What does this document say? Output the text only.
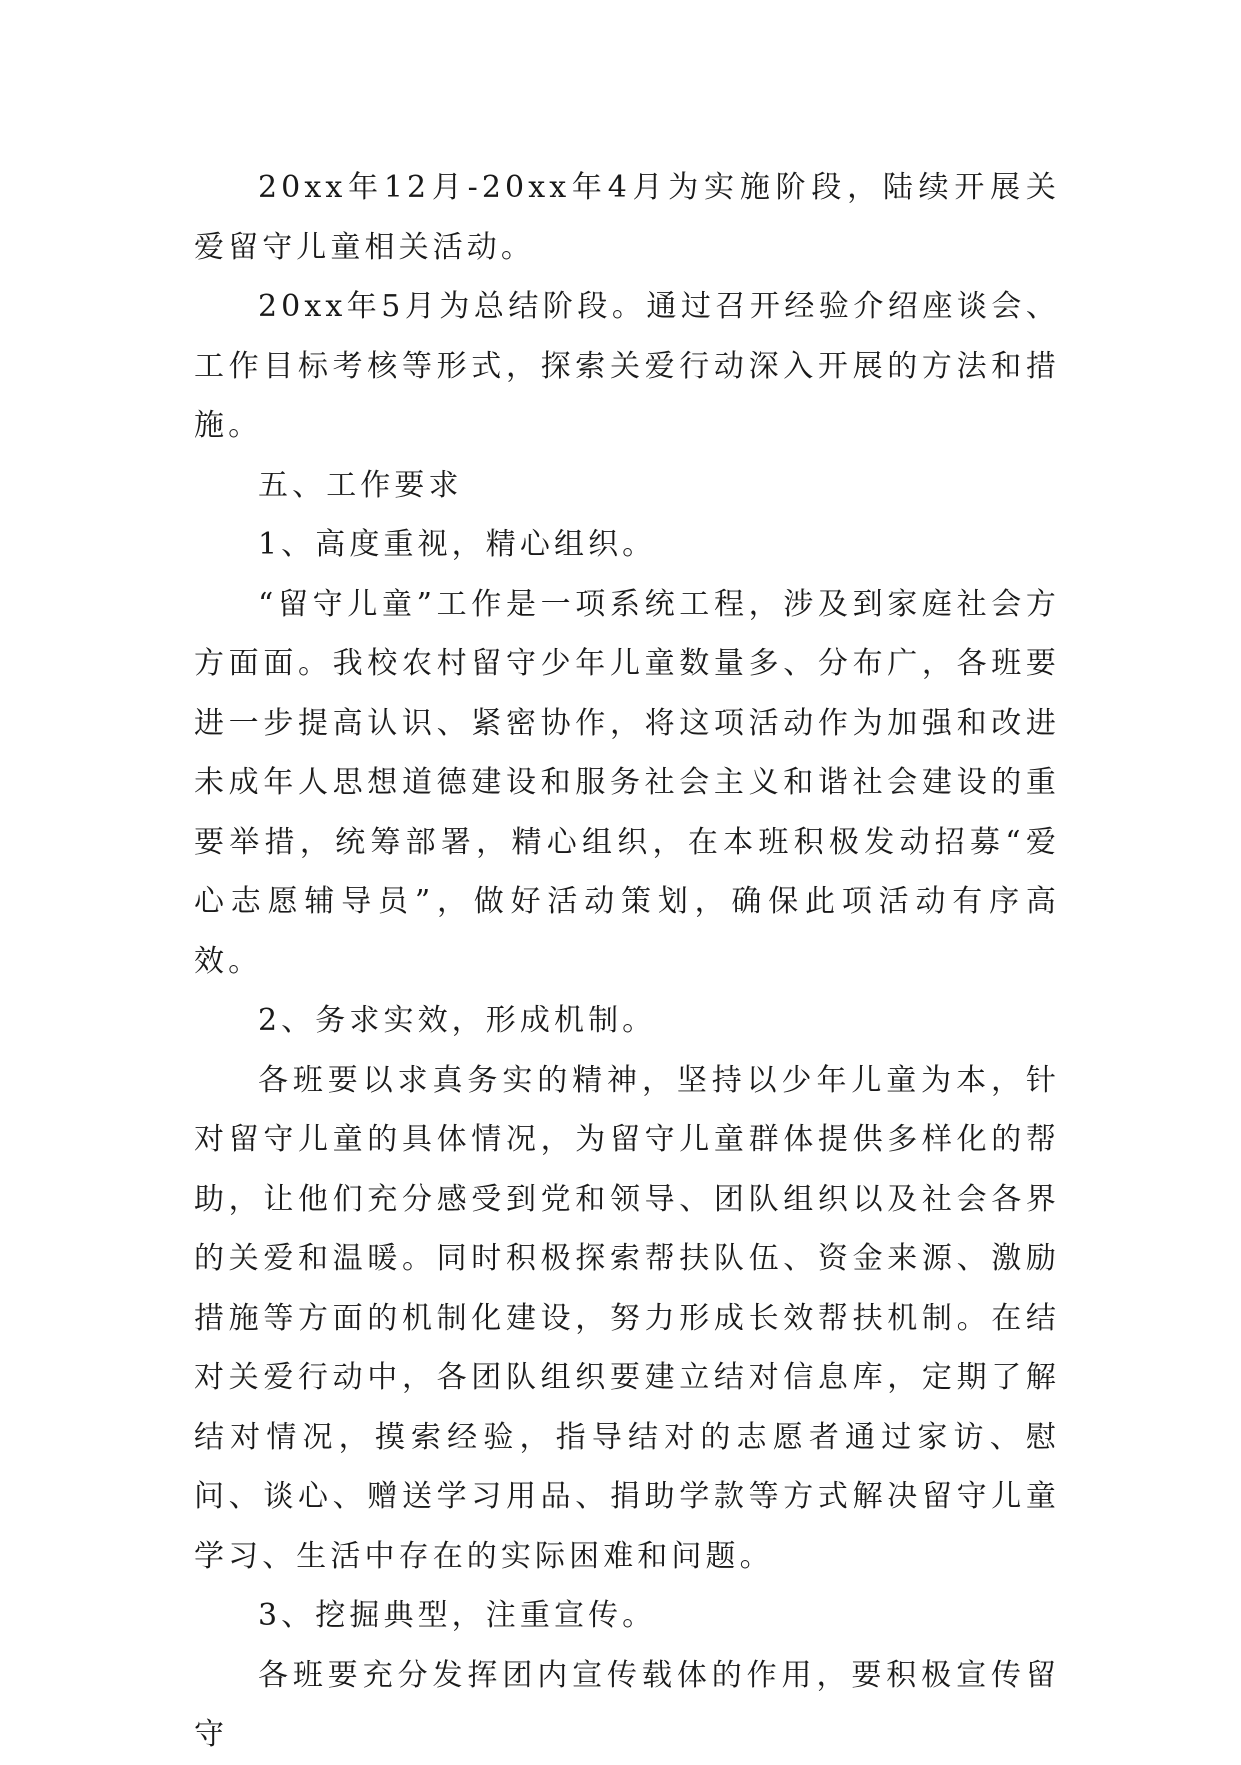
20xx年12月-20xx年4月为实施阶段，陆续开展关爱留守儿童相关活动。

20xx年5月为总结阶段。通过召开经验介绍座谈会、工作目标考核等形式，探索关爱行动深入开展的方法和措施。

五、工作要求

1、高度重视，精心组织。

“留守儿童”工作是一项系统工程，涉及到家庭社会方方面面。我校农村留守少年儿童数量多、分布广，各班要进一步提高认识、紧密协作，将这项活动作为加强和改进未成年人思想道德建设和服务社会主义和谐社会建设的重要举措，统筹部署，精心组织，在本班积极发动招募“爱心志愿辅导员”，做好活动策划，确保此项活动有序高效。

2、务求实效，形成机制。

各班要以求真务实的精神，坚持以少年儿童为本，针对留守儿童的具体情况，为留守儿童群体提供多样化的帮助，让他们充分感受到党和领导、团队组织以及社会各界的关爱和温暖。同时积极探索帮扶队伍、资金来源、激励措施等方面的机制化建设，努力形成长效帮扶机制。在结对关爱行动中，各团队组织要建立结对信息库，定期了解结对情况，摸索经验，指导结对的志愿者通过家访、慰问、谈心、赠送学习用品、捐助学款等方式解决留守儿童学习、生活中存在的实际困难和问题。

3、挖掘典型，注重宣传。

各班要充分发挥团内宣传载体的作用，要积极宣传留守
